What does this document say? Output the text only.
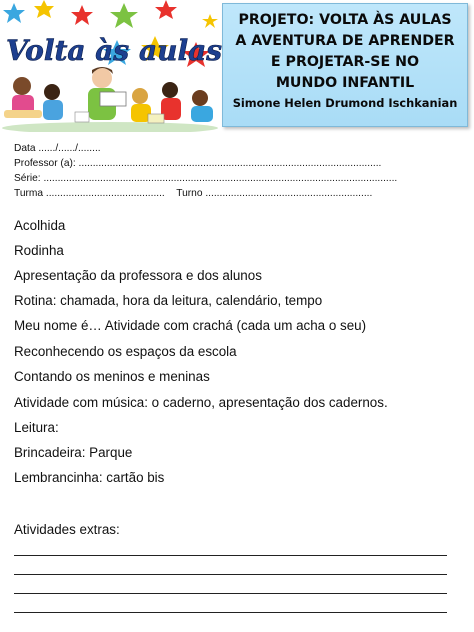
Volta às aulas
PROJETO: VOLTA ÀS AULAS
A AVENTURA DE APRENDER
E PROJETAR-SE NO
MUNDO INFANTIL
Simone Helen Drumond Ischkanian
Data ....../....../........
Professor (a): ...........................................................................................................
Série: .............................................................................................................................
Turma .......................................... Turno ...........................................................
Acolhida
Rodinha
Apresentação da professora e dos alunos
Rotina: chamada, hora da leitura, calendário, tempo
Meu nome é… Atividade com crachá (cada um acha o seu)
Reconhecendo os espaços da escola
Contando os meninos e meninas
Atividade com música: o caderno, apresentação dos cadernos.
Leitura:
Brincadeira: Parque
Lembrancinha: cartão bis
Atividades extras:
